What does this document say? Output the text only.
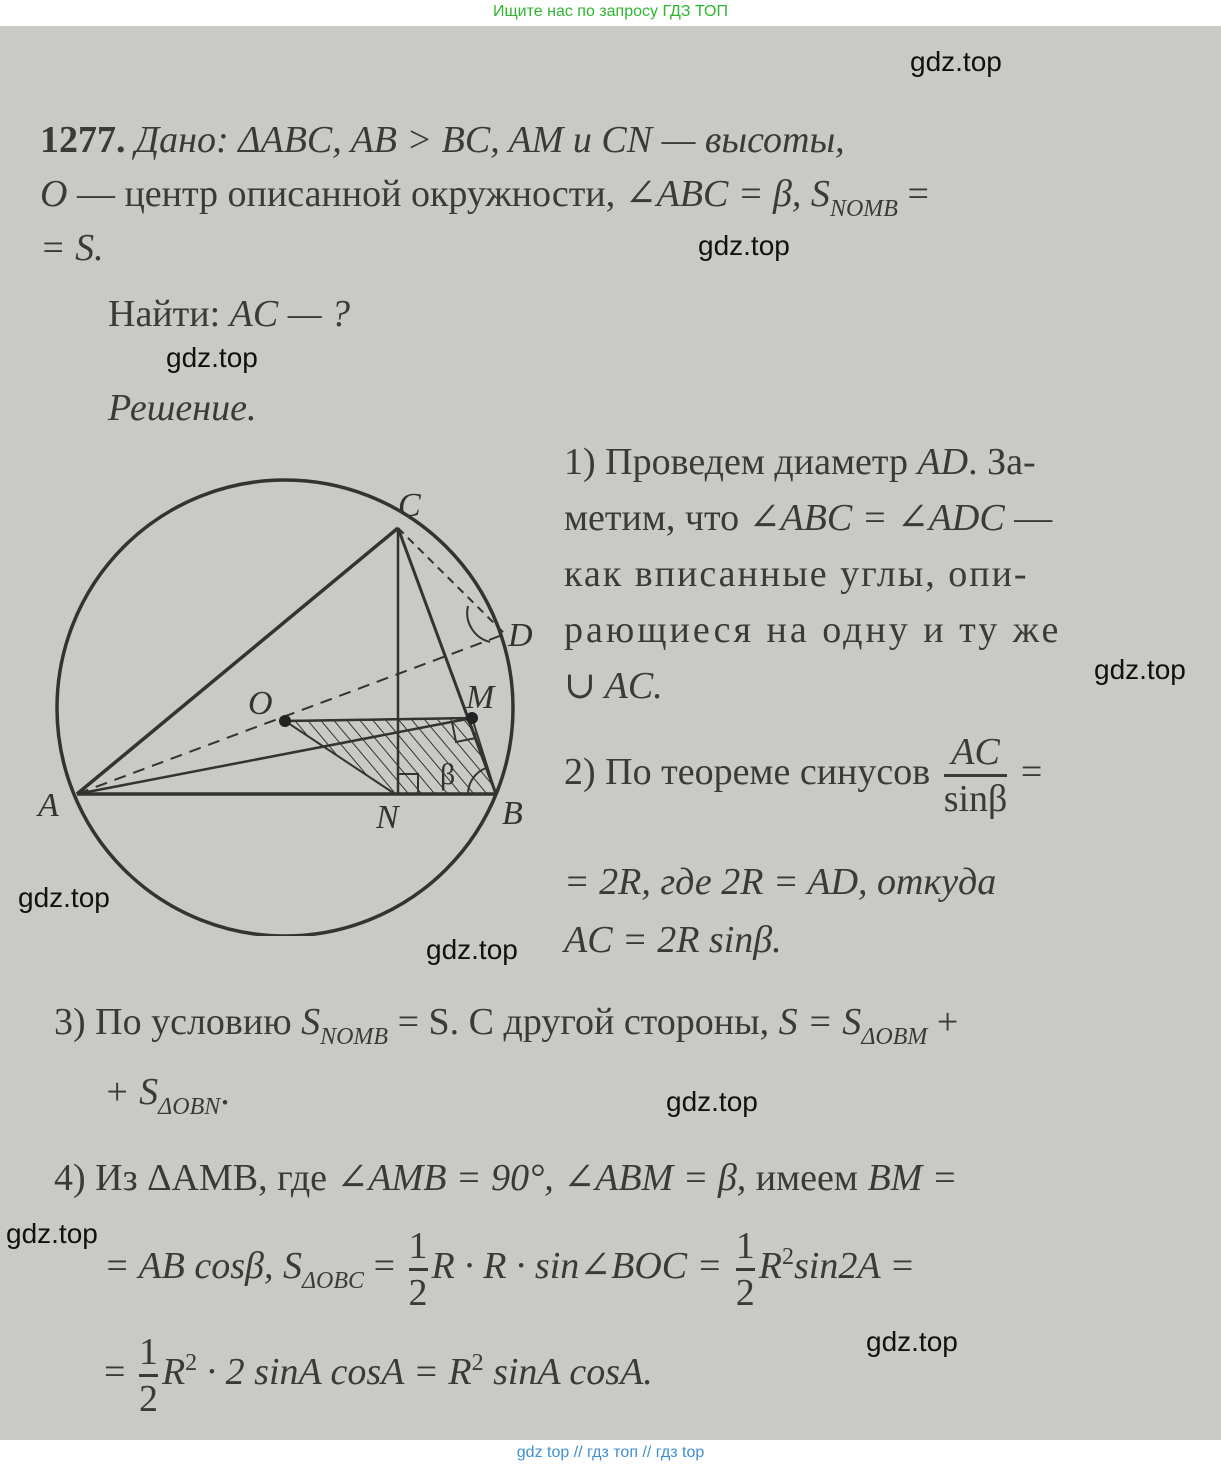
Ищите нас по запросу ГДЗ ТОП
1277. Дано: ΔABC, AB > BC, AM и CN — высоты,
O — центр описанной окружности, ∠ABC = β, $S_{NOMB}$ =
= S.
Найти: AC — ?
Решение.
A	B
C
D
M
N
O
β
1) Проведем диаметр AD. За-
метим, что ∠ABC = ∠ADC —
как вписанные углы, опи-
рающиеся на одну и ту же
∪ AC.
2) По теореме синусов $\frac{AC}{\sin\beta}$ =
= 2R, где 2R = AD, откуда
AC = 2R sinβ.
3) По условию $S_{NOMB} = S$. С другой стороны, $S = S_{\Delta OBM}$ +
+ $S_{\Delta OBN}$.
4) Из ΔAMB, где ∠AMB = 90°, ∠ABM = β, имеем BM =
= AB cosβ, $S_{\Delta OBC} = \frac{1}{2}$ R · R · sin∠BOC = $\frac{1}{2} R^2\sin 2A$ =
= $\frac{1}{2} R^2 \cdot 2$ sinA $\cos A = R^2$ sinA cosA.
gdz.top
gdz.top
gdz.top
gdz.top
gdz.top
gdz.top
gdz.top
gdz.top
gdz.top
gdz top // гдз топ // гдз top
